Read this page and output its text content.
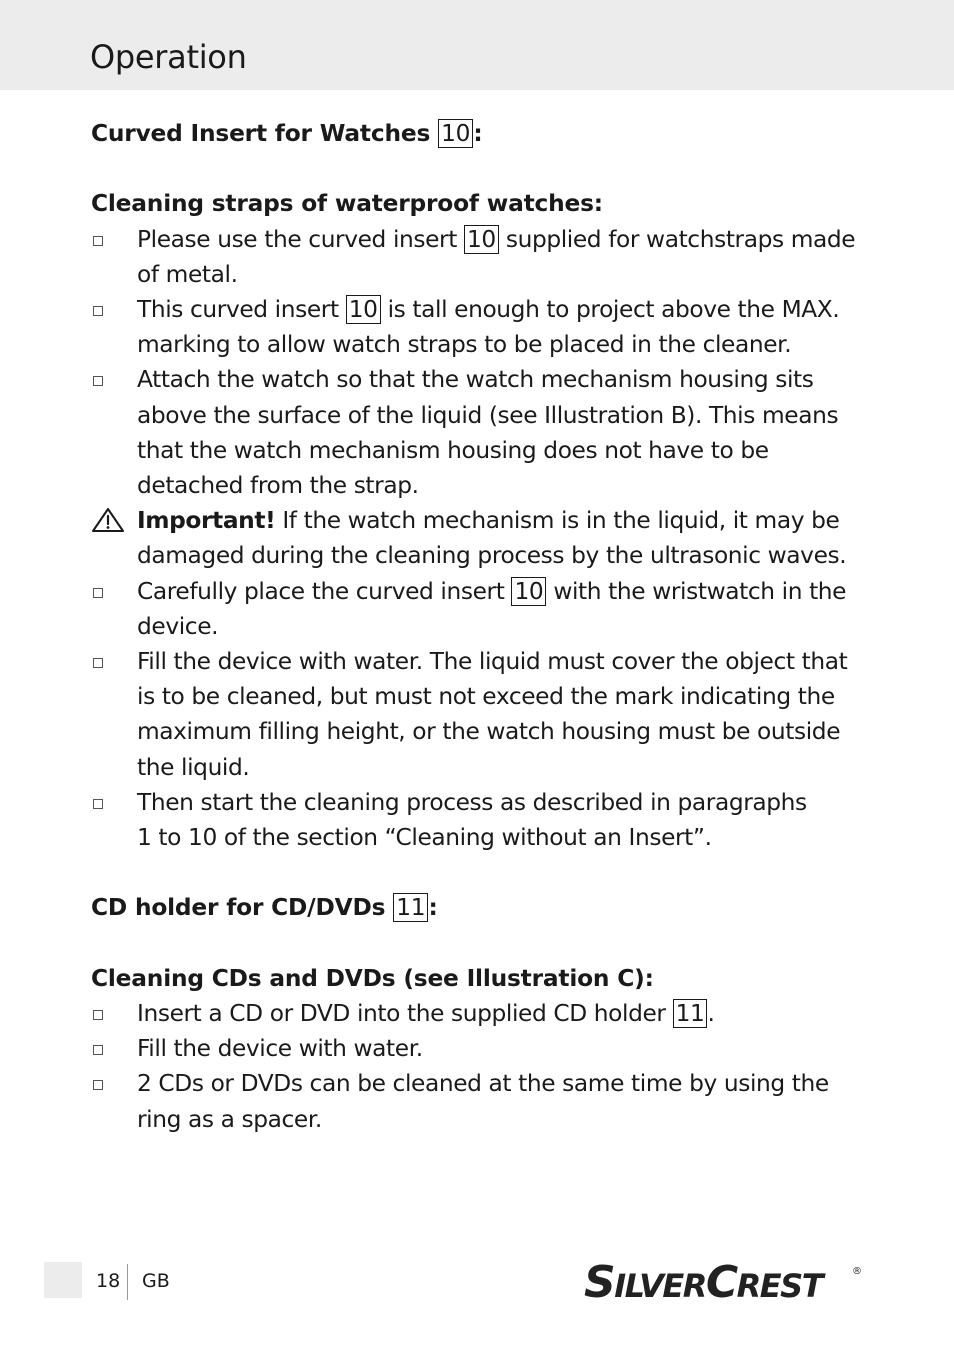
Operation

Curved Insert for Watches 10 :

Cleaning straps of waterproof watches:

Please use the curved insert 10 supplied for watchstraps made of metal.
This curved insert 10 is tall enough to project above the MAX. marking to allow watch straps to be placed in the cleaner.
Attach the watch so that the watch mechanism housing sits above the surface of the liquid (see Illustration B). This means that the watch mechanism housing does not have to be detached from the strap.
Important! If the watch mechanism is in the liquid, it may be damaged during the cleaning process by the ultrasonic waves.
Carefully place the curved insert 10 with the wristwatch in the device.
Fill the device with water. The liquid must cover the object that is to be cleaned, but must not exceed the mark indicating the maximum filling height, or the watch housing must be outside the liquid.
Then start the cleaning process as described in paragraphs
1 to 10 of the section “Cleaning without an Insert”.

CD holder for CD/DVDs 11 :

Cleaning CDs and DVDs (see Illustration C):

Insert a CD or DVD into the supplied CD holder 11 .
Fill the device with water.
2 CDs or DVDs can be cleaned at the same time by using the ring as a spacer.
18 GB	SILVERCREST	®
